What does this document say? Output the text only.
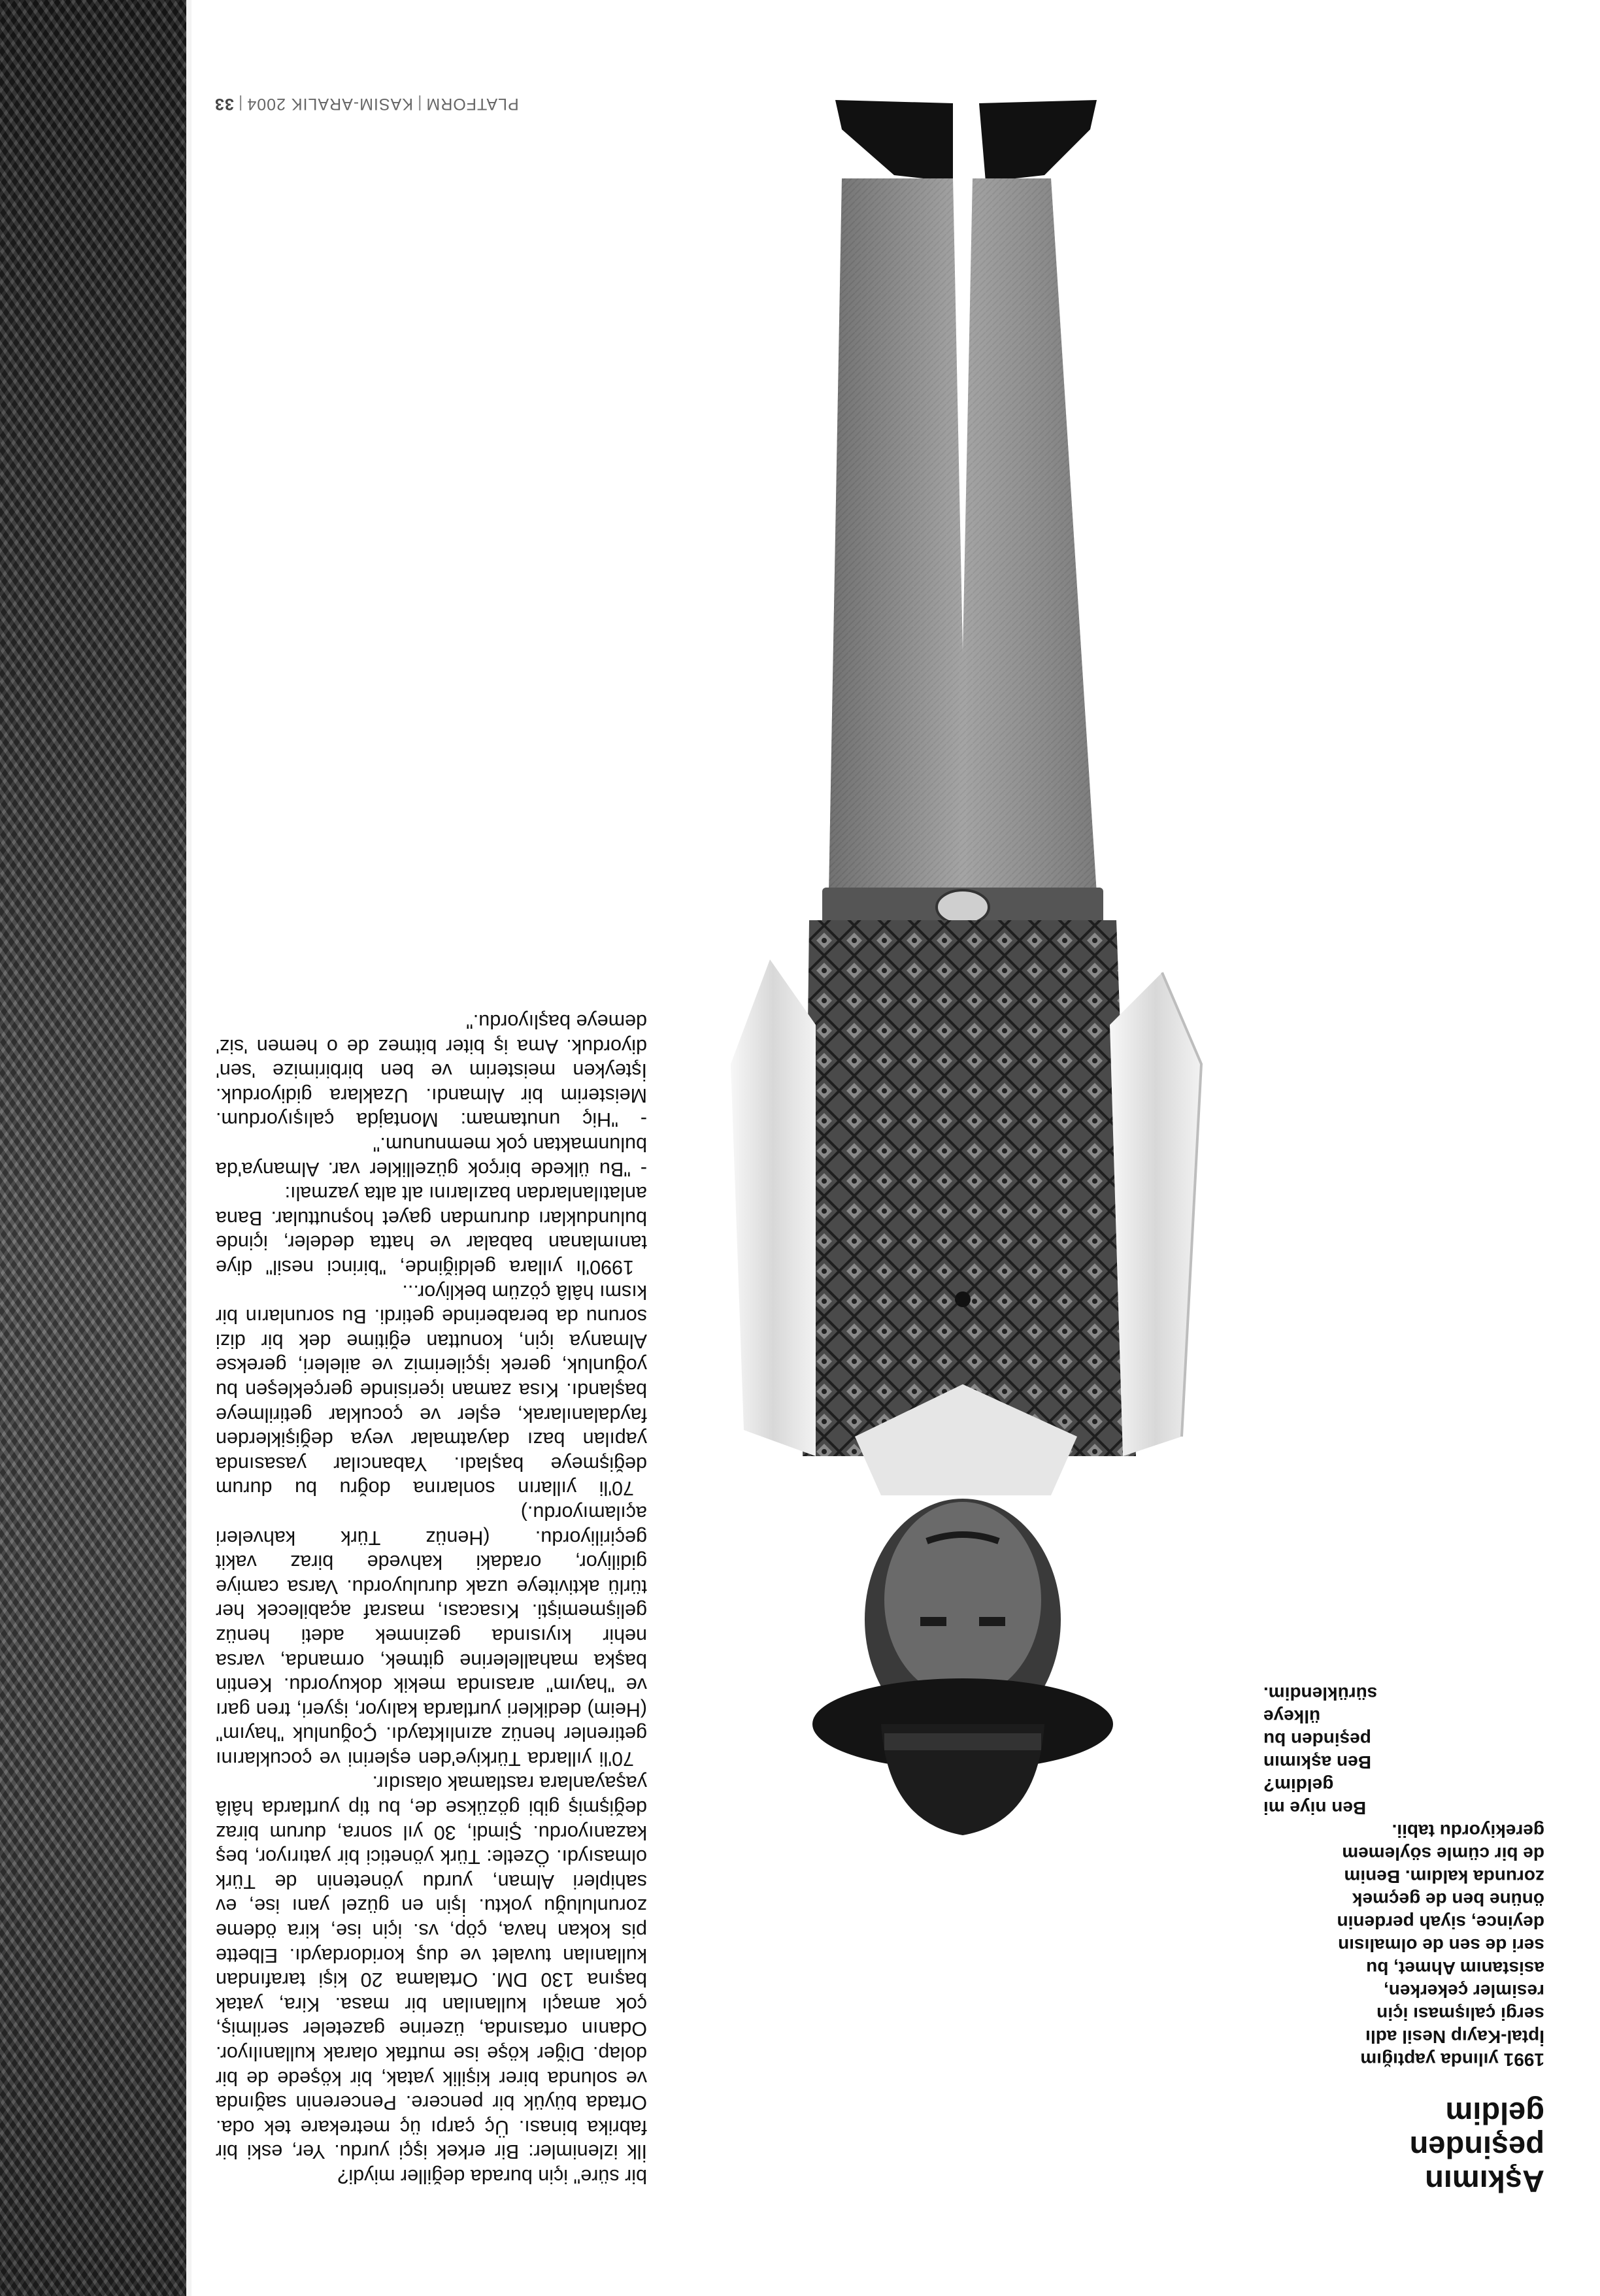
Aşkımın
peşinden
geldim

1991 yılında yaptığım

İptal-Kayıp Nesil adlı

sergi çalışması için

resimler çekerken,

asistanım Ahmet, bu

seri de sen de olmalısın

deyince, siyah perdenin

önüne ben de geçmek

zorunda kaldım. Benim

de bir cümle söylemem

gerekiyordu tabii.

Ben niye mi

geldim?

Ben aşkımın

peşinden bu

ülkeye

sürüklendim.

bir süre" için burada değiller miydi?

İlk izlenimler: Bir erkek işçi yurdu. Yer, eski bir fabrika binası. Üç çarpı üç metrekare tek oda. Ortada büyük bir pencere. Pencerenin sağında ve solunda birer kişilik yatak, bir köşede de bir dolap. Diğer köşe ise mutfak olarak kullanılıyor. Odanın ortasında, üzerine gazeteler serilmiş, çok amaçlı kullanılan bir masa. Kira, yatak başına 130 DM. Ortalama 20 kişi tarafından kullanılan tuvalet ve duş koridordaydı. Elbette pis kokan hava, çöp, vs. için ise, kira ödeme zorunluluğu yoktu. İşin en güzel yanı ise, ev sahipleri Alman, yurdu yönetenin de Türk olmasıydı. Özetle: Türk yönetici bir yatırıyor, beş kazanıyordu. Şimdi, 30 yıl sonra, durum biraz değişmiş gibi gözükse de, bu tip yurtlarda hâlâ yaşayanlara rastlamak olasıdır.

70'li yıllarda Türkiye'den eşlerini ve çocuklarını getirenler henüz azınlıktaydı. Çoğunluk "hayım" (Heim) dedikleri yurtlarda kalıyor, işyeri, tren garı ve "hayım" arasında mekik dokuyordu. Kentin başka mahallelerine gitmek, ormanda, varsa nehir kıyısında gezinmek adeti henüz gelişmemişti. Kısacası, masraf açabilecek her türlü aktiviteye uzak duruluyordu. Varsa camiye gidiliyor, oradaki kahvede biraz vakit geçiriliyordu. (Henüz Türk kahveleri açılamıyordu.)

70'li yılların sonlarına doğru bu durum değişmeye başladı. Yabancılar yasasında yapılan bazı dayatmalar veya değişiklerden faydalanılarak, eşler ve çocuklar getirilmeye başlandı. Kısa zaman içerisinde gerçekleşen bu yoğunluk, gerek işçilerimiz ve aileleri, gerekse Almanya için, konuttan eğitime dek bir dizi sorunu da beraberinde getirdi. Bu sorunların bir kısmı hâlâ çözüm bekliyor...

1990'lı yıllara geldiğinde, "birinci nesil" diye tanımlanan babalar ve hatta dedeler, içinde bulundukları durumdan gayet hoşnuttular. Bana anlatılanlardan bazılarını alt alta yazmalı:

- "Bu ülkede birçok güzellikler var. Almanya'da bulunmaktan çok memnunum."

- "Hiç unutamam: Montajda çalışıyordum. Meisterim bir Almandı. Uzaklara gidiyorduk. İşteyken meisterim ve ben birbirimize 'sen' diyorduk. Ama iş biter bitmez de o hemen 'siz' demeye başlıyordu."

PLATFORM|KASIM-ARALIK 2004|33
